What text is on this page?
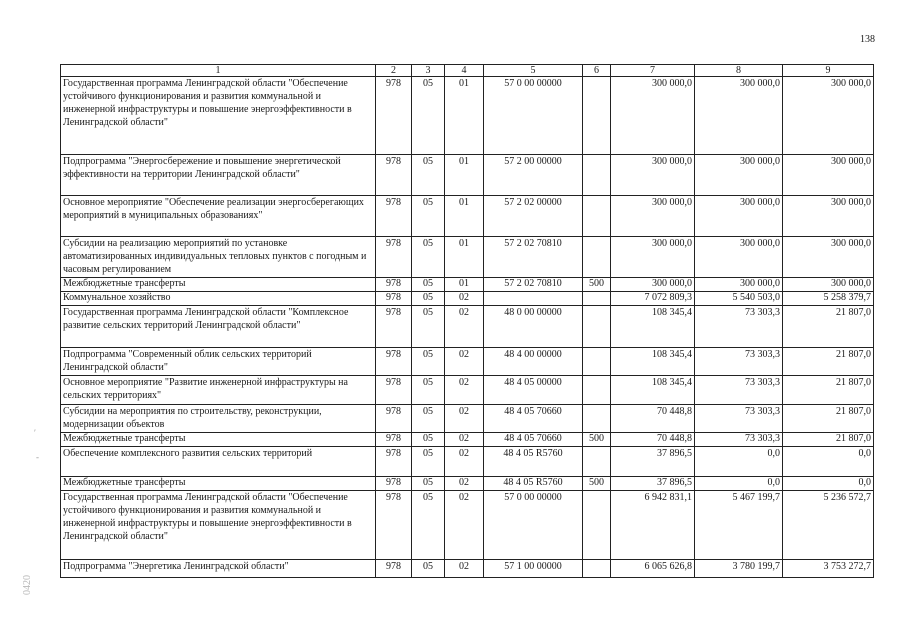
138
0420
′
-
1	2	3	4	5	6	7	8	9
Государственная программа Ленинградской области "Обеспечение устойчивого функционирования и развития коммунальной и инженерной инфраструктуры и повышение энергоэффективности в Ленинградской области"	978	05	01	57 0 00 00000		300 000,0	300 000,0	300 000,0
Подпрограмма "Энергосбережение и повышение энергетической эффективности на территории Ленинградской области"	978	05	01	57 2 00 00000		300 000,0	300 000,0	300 000,0
Основное мероприятие "Обеспечение реализации энергосберегающих мероприятий в муниципальных образованиях"	978	05	01	57 2 02 00000		300 000,0	300 000,0	300 000,0
Субсидии на реализацию мероприятий по установке автоматизированных индивидуальных тепловых пунктов с погодным и часовым регулированием	978	05	01	57 2 02 70810		300 000,0	300 000,0	300 000,0
Межбюджетные трансферты	978	05	01	57 2 02 70810	500	300 000,0	300 000,0	300 000,0
Коммунальное хозяйство	978	05	02			7 072 809,3	5 540 503,0	5 258 379,7
Государственная программа Ленинградской области "Комплексное развитие сельских территорий Ленинградской области"	978	05	02	48 0 00 00000		108 345,4	73 303,3	21 807,0
Подпрограмма "Современный облик сельских территорий Ленинградской области"	978	05	02	48 4 00 00000		108 345,4	73 303,3	21 807,0
Основное мероприятие "Развитие инженерной инфраструктуры на сельских территориях"	978	05	02	48 4 05 00000		108 345,4	73 303,3	21 807,0
Субсидии на мероприятия по строительству, реконструкции, модернизации объектов	978	05	02	48 4 05 70660		70 448,8	73 303,3	21 807,0
Межбюджетные трансферты	978	05	02	48 4 05 70660	500	70 448,8	73 303,3	21 807,0
Обеспечение комплексного развития сельских территорий	978	05	02	48 4 05 R5760		37 896,5	0,0	0,0
Межбюджетные трансферты	978	05	02	48 4 05 R5760	500	37 896,5	0,0	0,0
Государственная программа Ленинградской области "Обеспечение устойчивого функционирования и развития коммунальной и инженерной инфраструктуры и повышение энергоэффективности в Ленинградской области"	978	05	02	57 0 00 00000		6 942 831,1	5 467 199,7	5 236 572,7
Подпрограмма "Энергетика Ленинградской области"	978	05	02	57 1 00 00000		6 065 626,8	3 780 199,7	3 753 272,7
